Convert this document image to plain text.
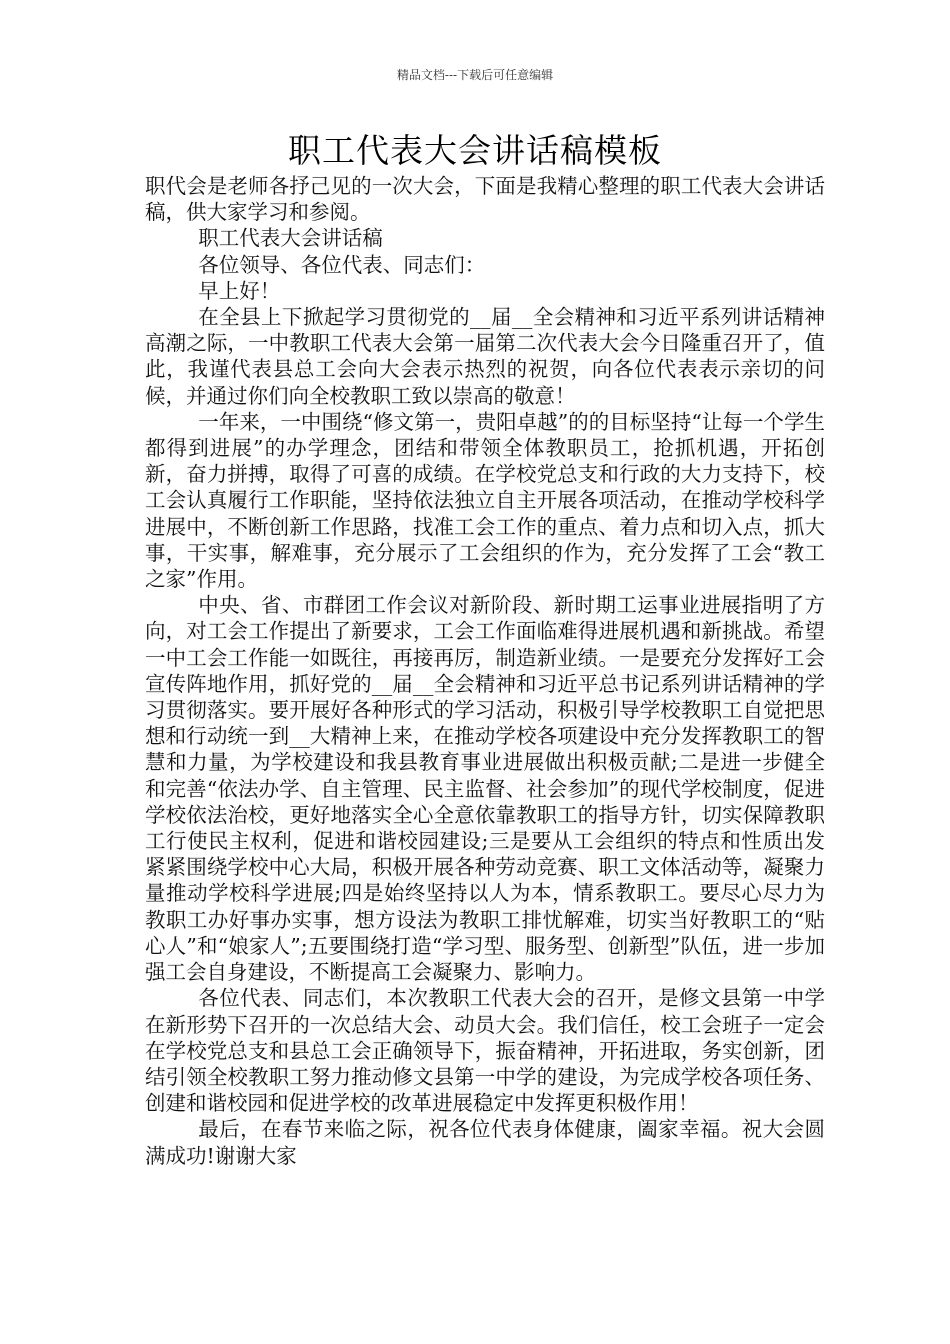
精品文档---下载后可任意编辑
职工代表大会讲话稿模板

职代会是老师各抒己见的一次大会，下面是我精心整理的职工代表大会讲话稿，供大家学习和参阅。

职工代表大会讲话稿

各位领导、各位代表、同志们：

早上好！

在全县上下掀起学习贯彻党的__届__全会精神和习近平系列讲话精神高潮之际，一中教职工代表大会第一届第二次代表大会今日隆重召开了，值此，我谨代表县总工会向大会表示热烈的祝贺，向各位代表表示亲切的问候，并通过你们向全校教职工致以崇高的敬意！

一年来，一中围绕“修文第一，贵阳卓越”的的目标坚持“让每一个学生都得到进展”的办学理念，团结和带领全体教职员工，抢抓机遇，开拓创新，奋力拼搏，取得了可喜的成绩。在学校党总支和行政的大力支持下，校工会认真履行工作职能，坚持依法独立自主开展各项活动，在推动学校科学进展中，不断创新工作思路，找准工会工作的重点、着力点和切入点，抓大事，干实事，解难事，充分展示了工会组织的作为，充分发挥了工会“教工之家”作用。

中央、省、市群团工作会议对新阶段、新时期工运事业进展指明了方向，对工会工作提出了新要求，工会工作面临难得进展机遇和新挑战。希望一中工会工作能一如既往，再接再厉，制造新业绩。一是要充分发挥好工会宣传阵地作用，抓好党的__届__全会精神和习近平总书记系列讲话精神的学习贯彻落实。要开展好各种形式的学习活动，积极引导学校教职工自觉把思想和行动统一到__大精神上来，在推动学校各项建设中充分发挥教职工的智慧和力量，为学校建设和我县教育事业进展做出积极贡献;二是进一步健全和完善“依法办学、自主管理、民主监督、社会参加”的现代学校制度，促进学校依法治校，更好地落实全心全意依靠教职工的指导方针，切实保障教职工行使民主权利，促进和谐校园建设;三是要从工会组织的特点和性质出发紧紧围绕学校中心大局，积极开展各种劳动竞赛、职工文体活动等，凝聚力量推动学校科学进展;四是始终坚持以人为本，情系教职工。要尽心尽力为教职工办好事办实事，想方设法为教职工排忧解难，切实当好教职工的“贴心人”和“娘家人”;五要围绕打造“学习型、服务型、创新型”队伍，进一步加强工会自身建设，不断提高工会凝聚力、影响力。

各位代表、同志们，本次教职工代表大会的召开，是修文县第一中学在新形势下召开的一次总结大会、动员大会。我们信任，校工会班子一定会在学校党总支和县总工会正确领导下，振奋精神，开拓进取，务实创新，团结引领全校教职工努力推动修文县第一中学的建设，为完成学校各项任务、创建和谐校园和促进学校的改革进展稳定中发挥更积极作用！

最后，在春节来临之际，祝各位代表身体健康，阖家幸福。祝大会圆满成功!谢谢大家
